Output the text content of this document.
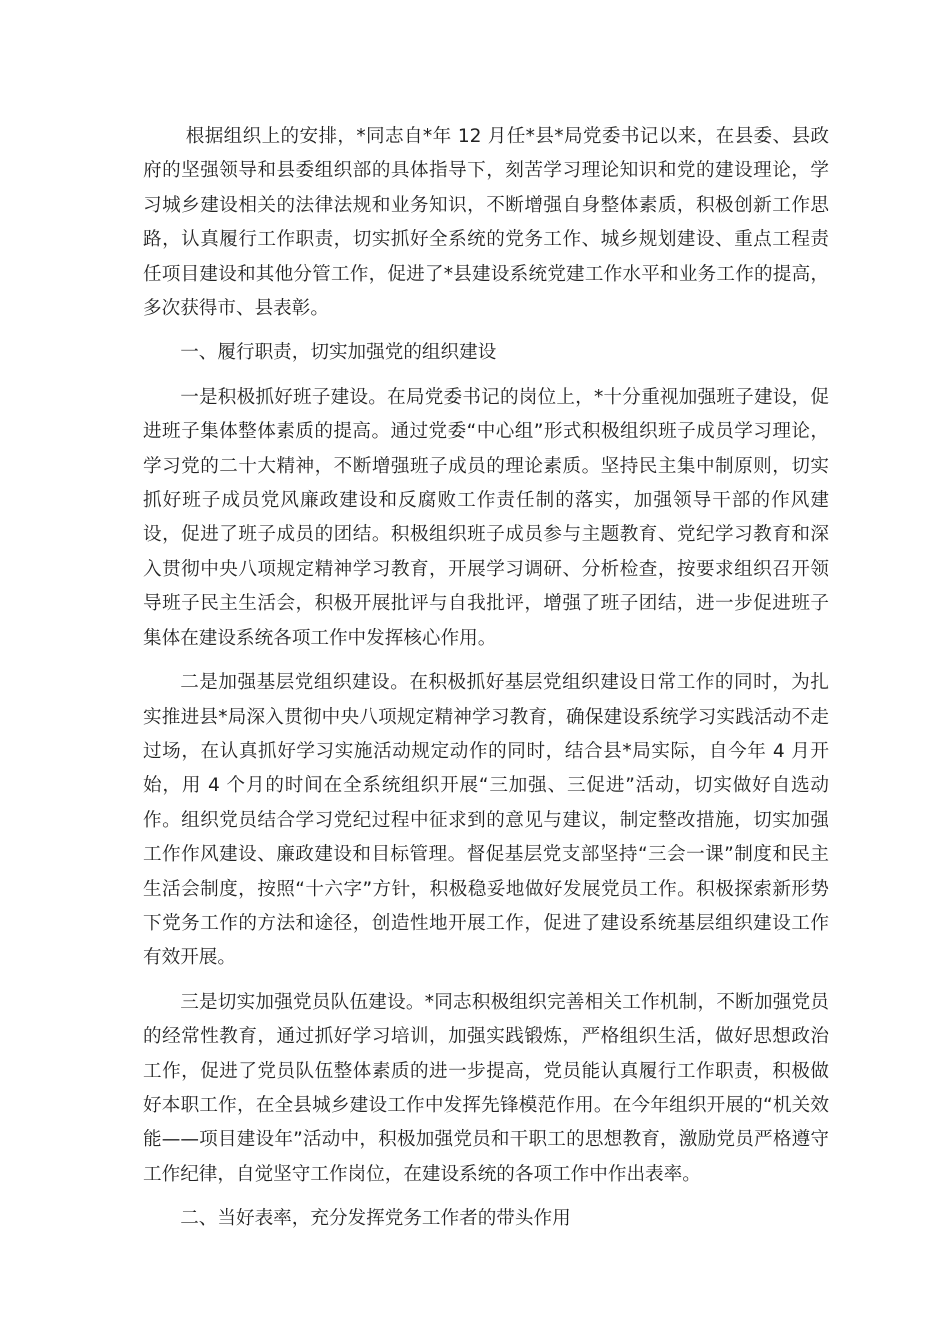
根据组织上的安排，*同志自*年 12 月任*县*局党委书记以来，在县委、县政府的坚强领导和县委组织部的具体指导下，刻苦学习理论知识和党的建设理论，学习城乡建设相关的法律法规和业务知识，不断增强自身整体素质，积极创新工作思路，认真履行工作职责，切实抓好全系统的党务工作、城乡规划建设、重点工程责任项目建设和其他分管工作，促进了*县建设系统党建工作水平和业务工作的提高，多次获得市、县表彰。

一、履行职责，切实加强党的组织建设

一是积极抓好班子建设。在局党委书记的岗位上，*十分重视加强班子建设，促进班子集体整体素质的提高。通过党委“中心组”形式积极组织班子成员学习理论，学习党的二十大精神，不断增强班子成员的理论素质。坚持民主集中制原则，切实抓好班子成员党风廉政建设和反腐败工作责任制的落实，加强领导干部的作风建设，促进了班子成员的团结。积极组织班子成员参与主题教育、党纪学习教育和深入贯彻中央八项规定精神学习教育，开展学习调研、分析检查，按要求组织召开领导班子民主生活会，积极开展批评与自我批评，增强了班子团结，进一步促进班子集体在建设系统各项工作中发挥核心作用。

二是加强基层党组织建设。在积极抓好基层党组织建设日常工作的同时，为扎实推进县*局深入贯彻中央八项规定精神学习教育，确保建设系统学习实践活动不走过场，在认真抓好学习实施活动规定动作的同时，结合县*局实际，自今年 4 月开始，用 4 个月的时间在全系统组织开展“三加强、三促进”活动，切实做好自选动作。组织党员结合学习党纪过程中征求到的意见与建议，制定整改措施，切实加强工作作风建设、廉政建设和目标管理。督促基层党支部坚持“三会一课”制度和民主生活会制度，按照“十六字”方针，积极稳妥地做好发展党员工作。积极探索新形势下党务工作的方法和途径，创造性地开展工作，促进了建设系统基层组织建设工作有效开展。

三是切实加强党员队伍建设。*同志积极组织完善相关工作机制，不断加强党员的经常性教育，通过抓好学习培训，加强实践锻炼，严格组织生活，做好思想政治工作，促进了党员队伍整体素质的进一步提高，党员能认真履行工作职责，积极做好本职工作，在全县城乡建设工作中发挥先锋模范作用。在今年组织开展的“机关效能——项目建设年”活动中，积极加强党员和干职工的思想教育，激励党员严格遵守工作纪律，自觉坚守工作岗位，在建设系统的各项工作中作出表率。

二、当好表率，充分发挥党务工作者的带头作用
